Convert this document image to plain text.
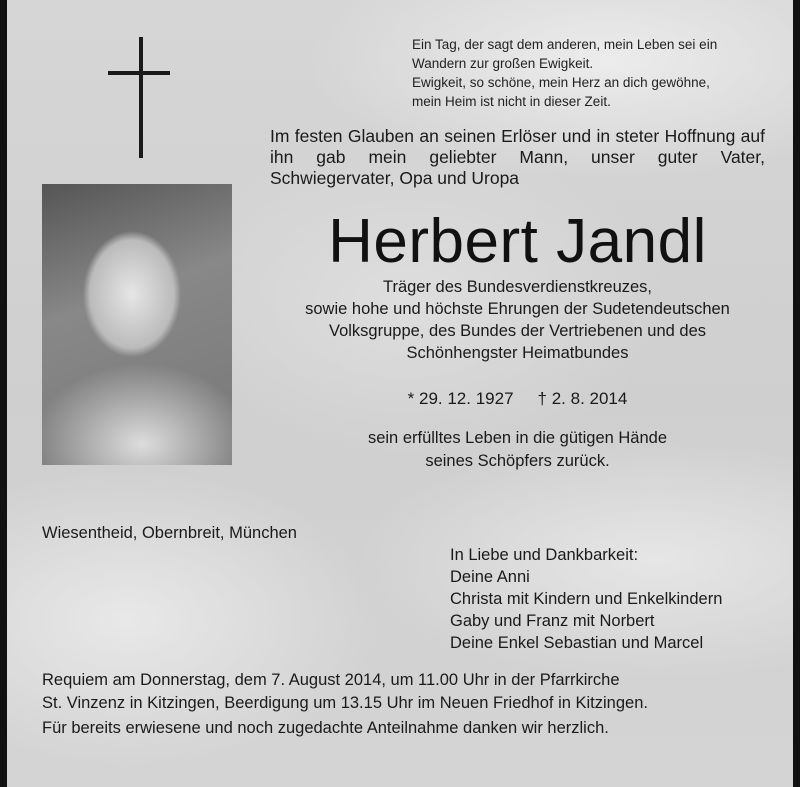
Ein Tag, der sagt dem anderen, mein Leben sei ein
Wandern zur großen Ewigkeit.
Ewigkeit, so schöne, mein Herz an dich gewöhne,
mein Heim ist nicht in dieser Zeit.
Im festen Glauben an seinen Erlöser und in steter Hoffnung auf ihn gab mein geliebter Mann, unser guter Vater, Schwiegervater, Opa und Uropa
Herbert Jandl
Träger des Bundesverdienstkreuzes,
sowie hohe und höchste Ehrungen der Sudetendeutschen
Volksgruppe, des Bundes der Vertriebenen und des
Schönhengster Heimatbundes
* 29. 12. 1927 † 2. 8. 2014
sein erfülltes Leben in die gütigen Hände
seines Schöpfers zurück.
Wiesentheid, Obernbreit, München
In Liebe und Dankbarkeit:
Deine Anni
Christa mit Kindern und Enkelkindern
Gaby und Franz mit Norbert
Deine Enkel Sebastian und Marcel
Requiem am Donnerstag, dem 7. August 2014, um 11.00 Uhr in der Pfarrkirche
St. Vinzenz in Kitzingen, Beerdigung um 13.15 Uhr im Neuen Friedhof in Kitzingen.
Für bereits erwiesene und noch zugedachte Anteilnahme danken wir herzlich.
